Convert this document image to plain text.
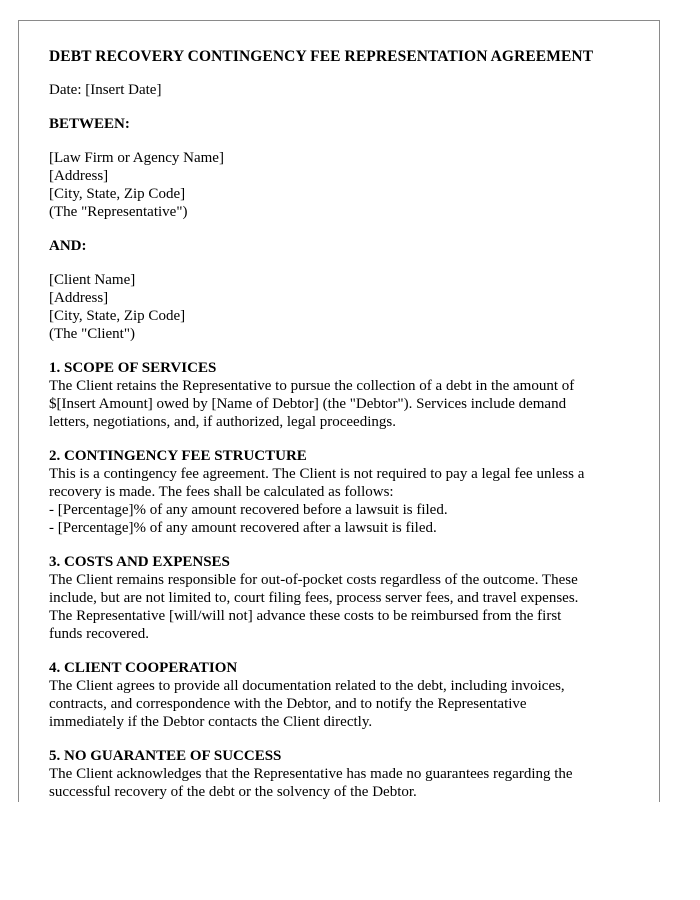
DEBT RECOVERY CONTINGENCY FEE REPRESENTATION AGREEMENT

Date: [Insert Date]

BETWEEN:

[Law Firm or Agency Name]

[Address]

[City, State, Zip Code]

(The "Representative")

AND:

[Client Name]

[Address]

[City, State, Zip Code]

(The "Client")

1. SCOPE OF SERVICES

The Client retains the Representative to pursue the collection of a debt in the amount of

$[Insert Amount] owed by [Name of Debtor] (the "Debtor"). Services include demand

letters, negotiations, and, if authorized, legal proceedings.

2. CONTINGENCY FEE STRUCTURE

This is a contingency fee agreement. The Client is not required to pay a legal fee unless a

recovery is made. The fees shall be calculated as follows:

- [Percentage]% of any amount recovered before a lawsuit is filed.

- [Percentage]% of any amount recovered after a lawsuit is filed.

3. COSTS AND EXPENSES

The Client remains responsible for out-of-pocket costs regardless of the outcome. These

include, but are not limited to, court filing fees, process server fees, and travel expenses.

The Representative [will/will not] advance these costs to be reimbursed from the first

funds recovered.

4. CLIENT COOPERATION

The Client agrees to provide all documentation related to the debt, including invoices,

contracts, and correspondence with the Debtor, and to notify the Representative

immediately if the Debtor contacts the Client directly.

5. NO GUARANTEE OF SUCCESS

The Client acknowledges that the Representative has made no guarantees regarding the

successful recovery of the debt or the solvency of the Debtor.
